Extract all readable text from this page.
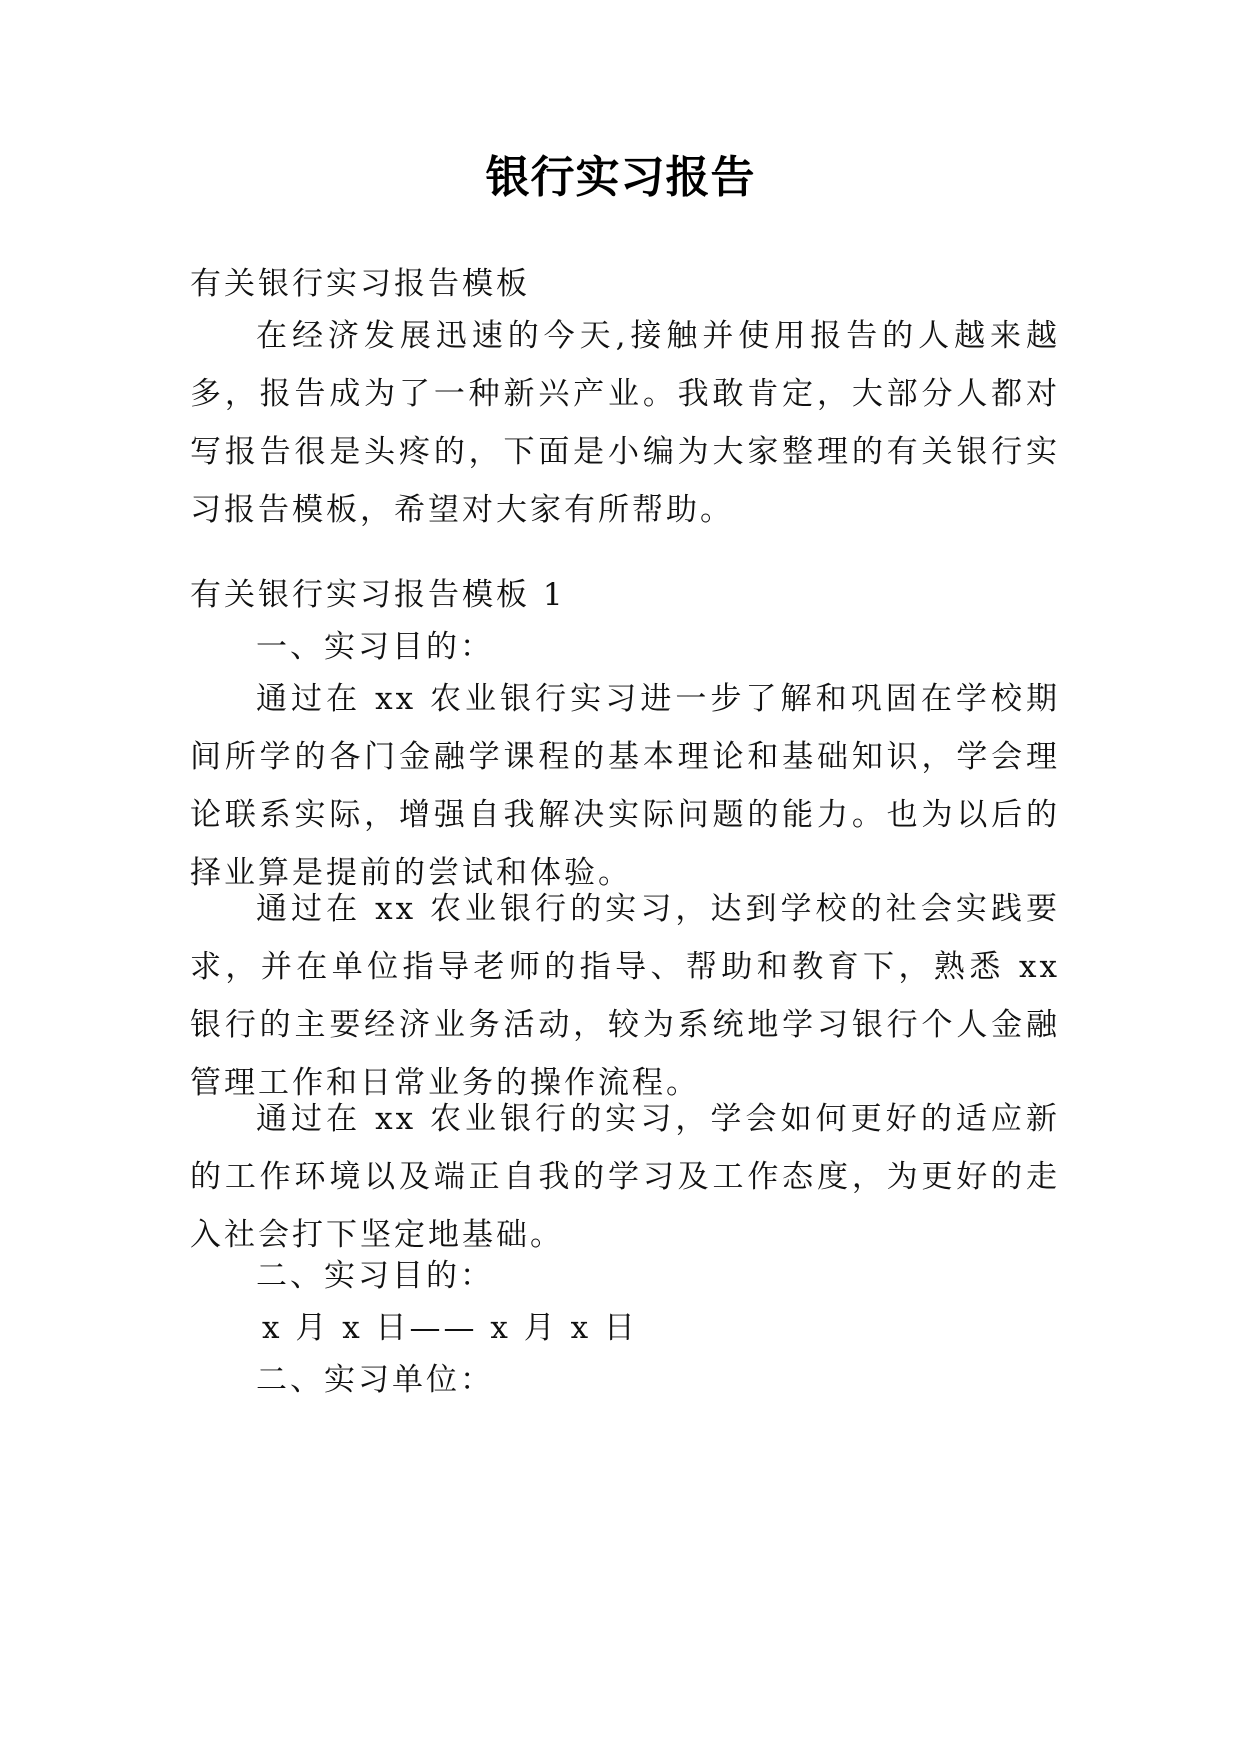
银行实习报告
有关银行实习报告模板
在经济发展迅速的今天,接触并使用报告的人越来越多，报告成为了一种新兴产业。我敢肯定，大部分人都对写报告很是头疼的，下面是小编为大家整理的有关银行实习报告模板，希望对大家有所帮助。
有关银行实习报告模板 1
一、实习目的：
通过在 xx 农业银行实习进一步了解和巩固在学校期间所学的各门金融学课程的基本理论和基础知识，学会理论联系实际，增强自我解决实际问题的能力。也为以后的择业算是提前的尝试和体验。
通过在 xx 农业银行的实习，达到学校的社会实践要求，并在单位指导老师的指导、帮助和教育下，熟悉 xx 银行的主要经济业务活动，较为系统地学习银行个人金融管理工作和日常业务的操作流程。
通过在 xx 农业银行的实习，学会如何更好的适应新的工作环境以及端正自我的学习及工作态度，为更好的走入社会打下坚定地基础。
二、实习目的：
x 月 x 日—— x 月 x 日
二、实习单位：
